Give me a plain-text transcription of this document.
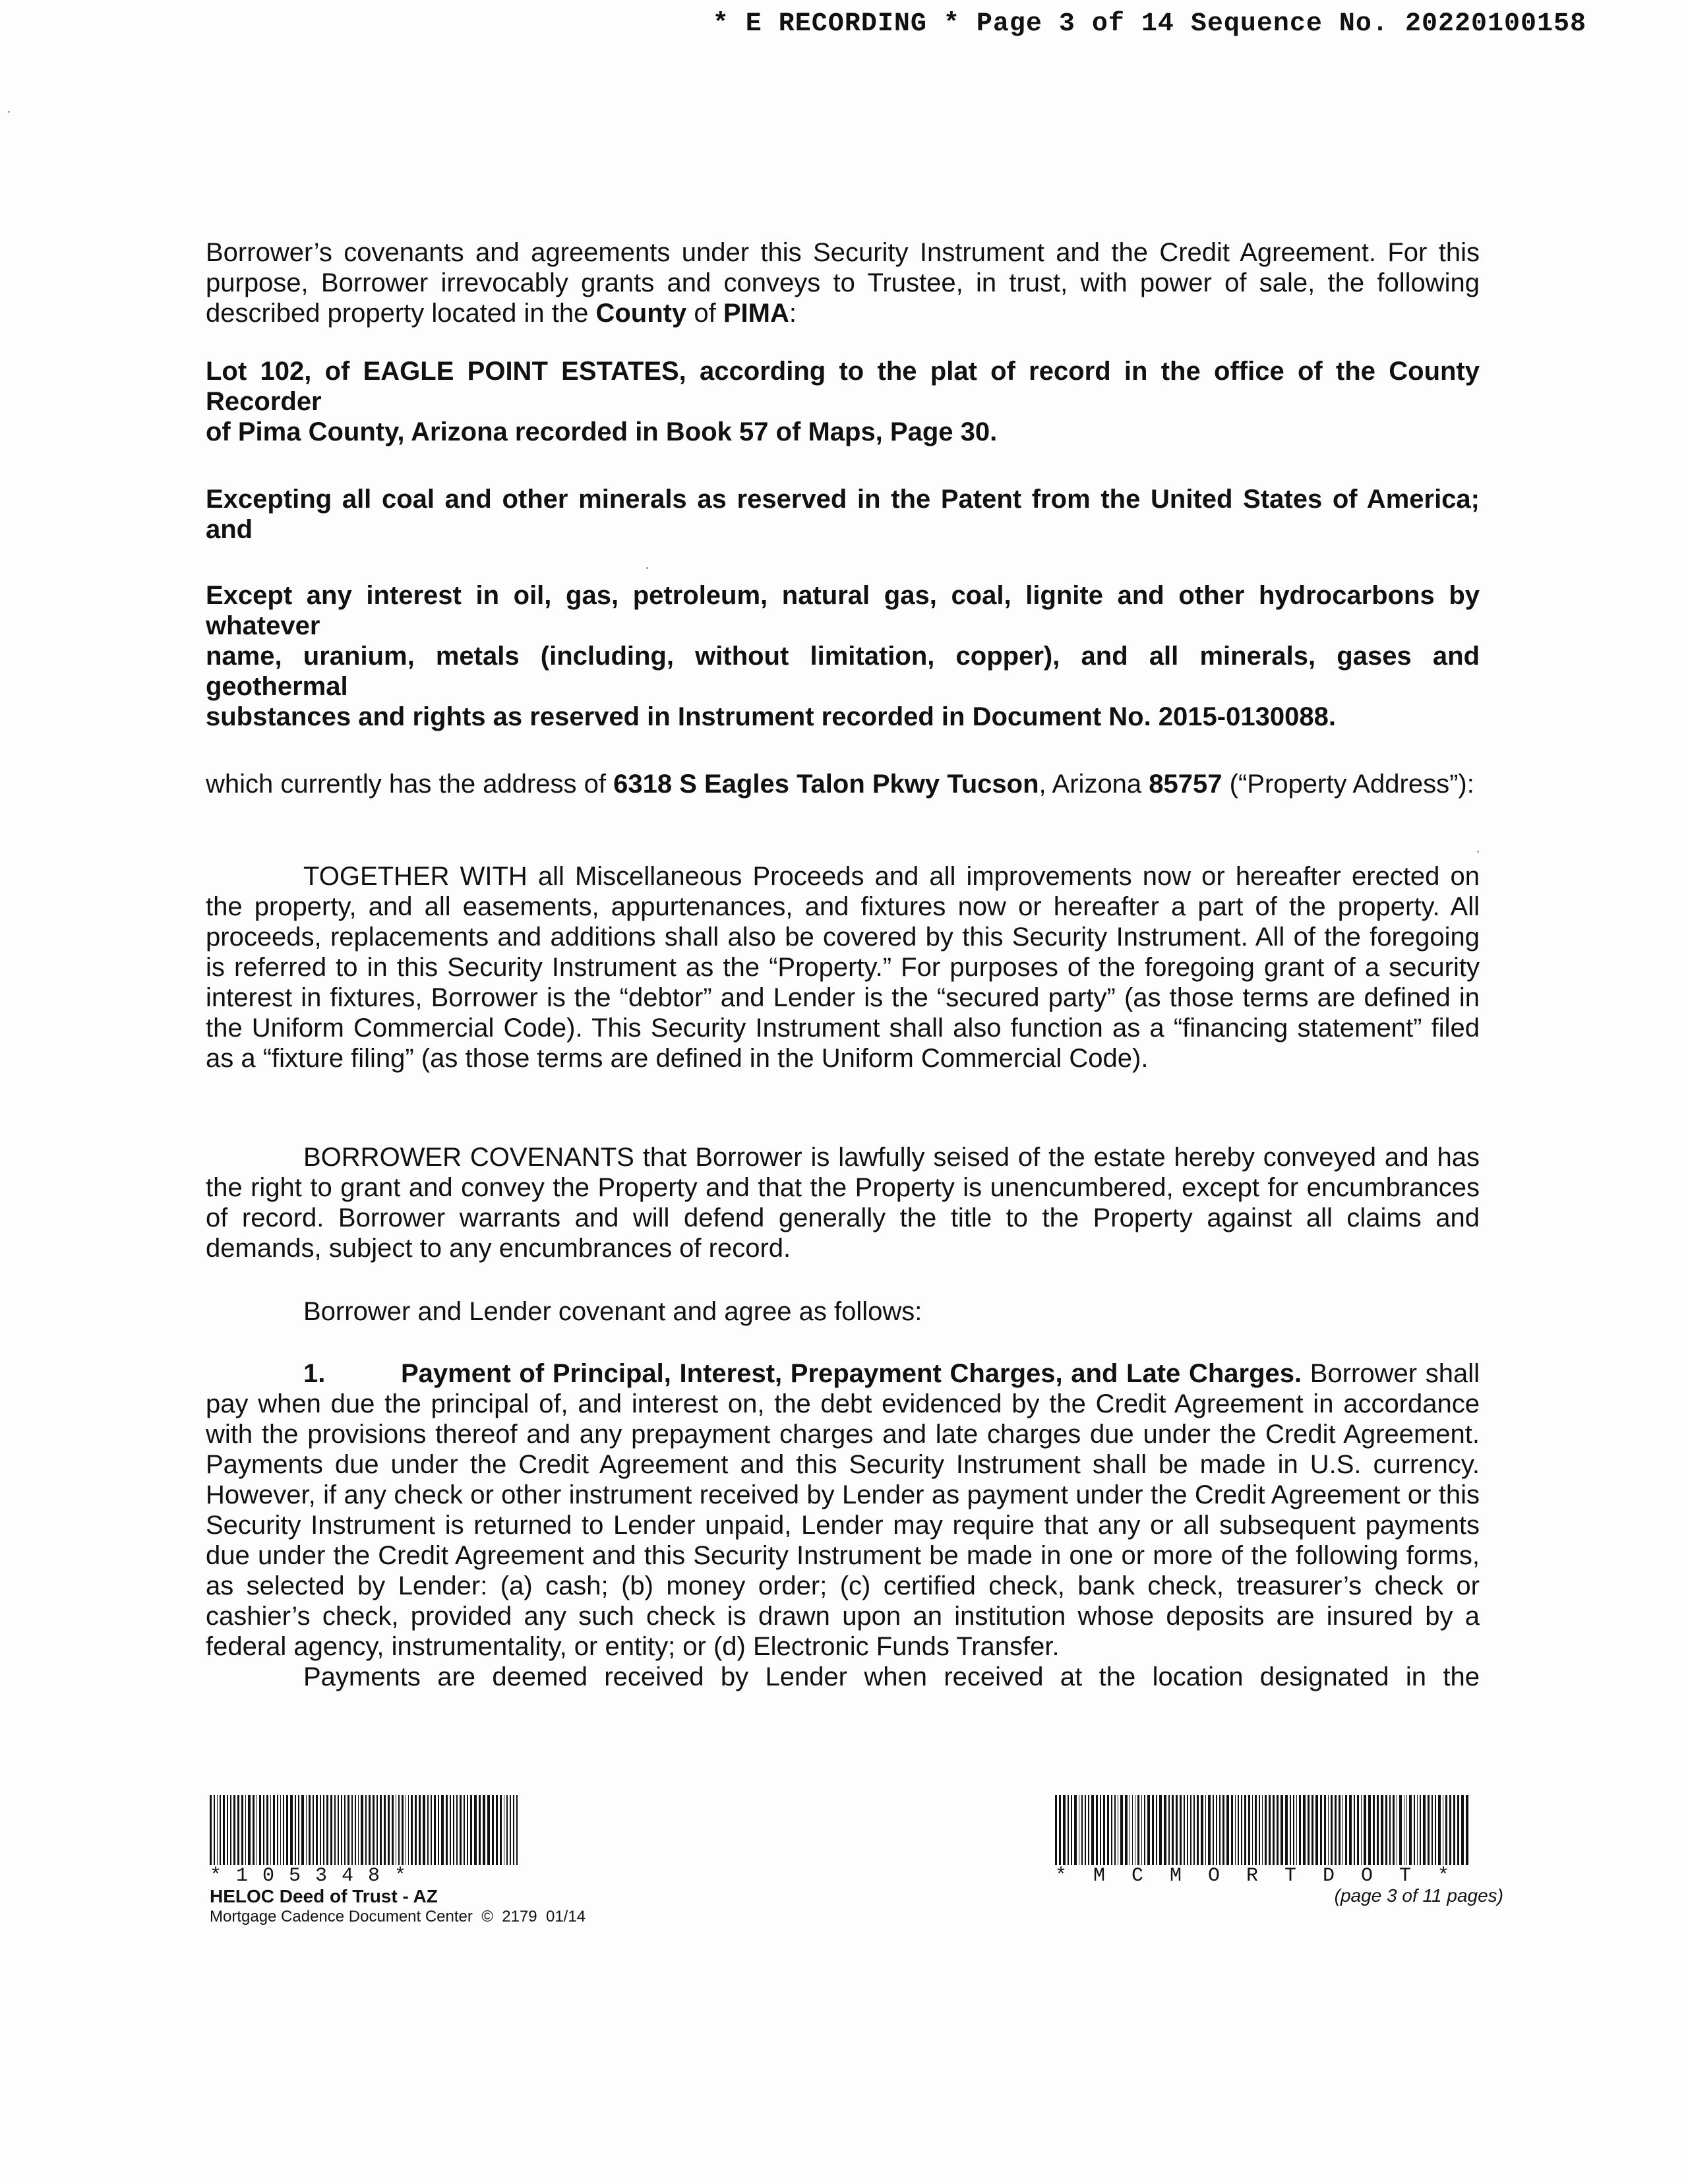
* E RECORDING * Page 3 of 14 Sequence No. 20220100158

Borrower’s covenants and agreements under this Security Instrument and the Credit Agreement. For this purpose, Borrower irrevocably grants and conveys to Trustee, in trust, with power of sale, the following described property located in the County of PIMA:

Lot 102, of EAGLE POINT ESTATES, according to the plat of record in the office of the County

Recorder

of Pima County, Arizona recorded in Book 57 of Maps, Page 30.

Excepting all coal and other minerals as reserved in the Patent from the United States of America; and

Except any interest in oil, gas, petroleum, natural gas, coal, lignite and other hydrocarbons by

whatever

name, uranium, metals (including, without limitation, copper), and all minerals, gases and

geothermal

substances and rights as reserved in Instrument recorded in Document No. 2015-0130088.

which currently has the address of 6318 S Eagles Talon Pkwy Tucson, Arizona 85757 (“Property Address”):

TOGETHER WITH all Miscellaneous Proceeds and all improvements now or hereafter erected on the property, and all easements, appurtenances, and fixtures now or hereafter a part of the property. All proceeds, replacements and additions shall also be covered by this Security Instrument. All of the foregoing is referred to in this Security Instrument as the “Property.” For purposes of the foregoing grant of a security interest in fixtures, Borrower is the “debtor” and Lender is the “secured party” (as those terms are defined in the Uniform Commercial Code). This Security Instrument shall also function as a “financing statement” filed as a “fixture filing” (as those terms are defined in the Uniform Commercial Code).

BORROWER COVENANTS that Borrower is lawfully seised of the estate hereby conveyed and has the right to grant and convey the Property and that the Property is unencumbered, except for encumbrances of record. Borrower warrants and will defend generally the title to the Property against all claims and demands, subject to any encumbrances of record.

Borrower and Lender covenant and agree as follows:

1.	Payment of Principal, Interest, Prepayment Charges, and Late Charges. Borrower shall pay when due the principal of, and interest on, the debt evidenced by the Credit Agreement in accordance with the provisions thereof and any prepayment charges and late charges due under the Credit Agreement. Payments due under the Credit Agreement and this Security Instrument shall be made in U.S. currency. However, if any check or other instrument received by Lender as payment under the Credit Agreement or this Security Instrument is returned to Lender unpaid, Lender may require that any or all subsequent payments due under the Credit Agreement and this Security Instrument be made in one or more of the following forms, as selected by Lender: (a) cash; (b) money order; (c) certified check, bank check, treasurer’s check or cashier’s check, provided any such check is drawn upon an institution whose deposits are insured by a federal agency, instrumentality, or entity; or (d) Electronic Funds Transfer.

Payments are deemed received by Lender when received at the location designated in the

*105348*
HELOC Deed of Trust - AZ
Mortgage Cadence Document Center  ©  2179  01/14
*MCMORTDOT*
(page 3 of 11 pages)
